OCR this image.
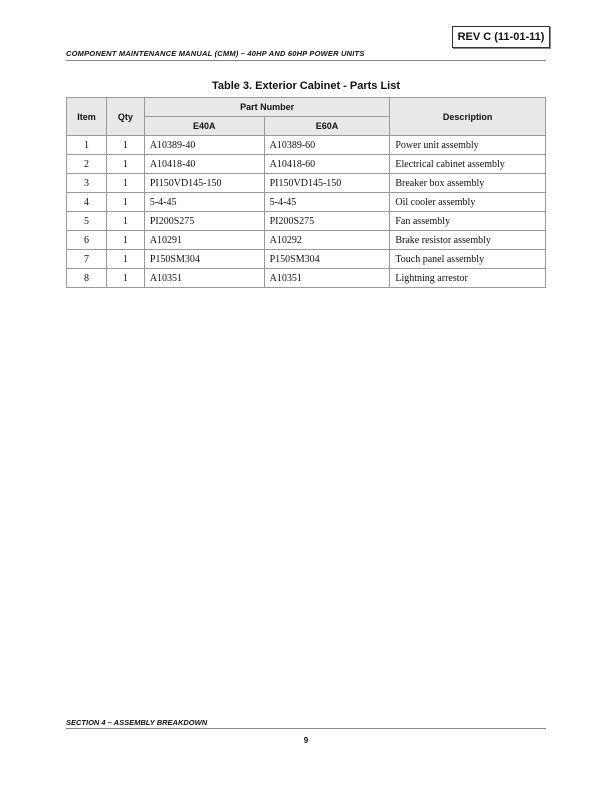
REV C (11-01-11)
COMPONENT MAINTENANCE MANUAL (CMM) – 40HP AND 60HP POWER UNITS
Table 3. Exterior Cabinet - Parts List
Item	Qty	Part Number		Description
		E40A	E60A	
1	1	A10389-40	A10389-60	Power unit assembly
2	1	A10418-40	A10418-60	Electrical cabinet assembly
3	1	PI150VD145-150	PI150VD145-150	Breaker box assembly
4	1	5-4-45	5-4-45	Oil cooler assembly
5	1	PI200S275	PI200S275	Fan assembly
6	1	A10291	A10292	Brake resistor assembly
7	1	P150SM304	P150SM304	Touch panel assembly
8	1	A10351	A10351	Lightning arrestor
SECTION 4 – ASSEMBLY BREAKDOWN
9
